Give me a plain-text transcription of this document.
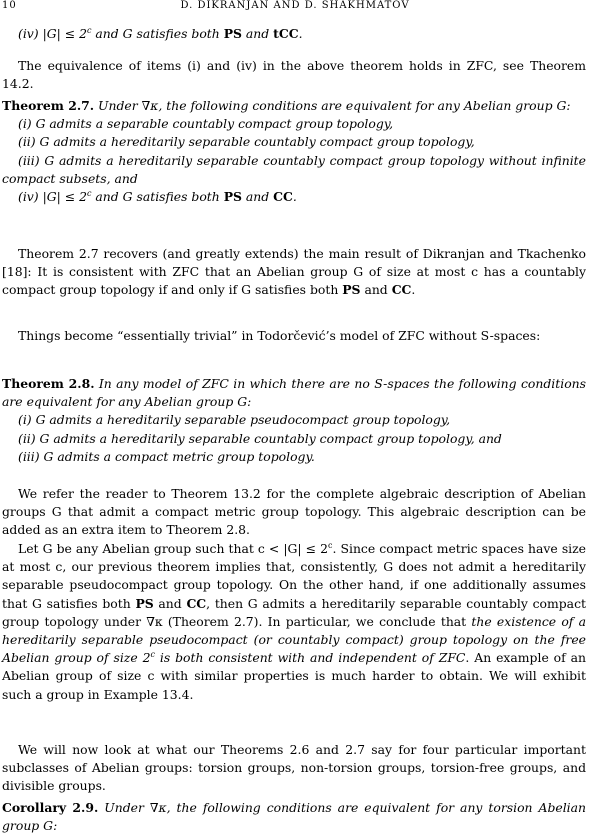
10	D. DIKRANJAN AND D. SHAKHMATOV
(iv) $|G| \le 2^c$ and G satisfies both PS and tCC.
The equivalence of items (i) and (iv) in the above theorem holds in ZFC, see Theorem 14.2.
Theorem 2.7. Under ∇κ, the following conditions are equivalent for any Abelian group G:
(i) G admits a separable countably compact group topology,
(ii) G admits a hereditarily separable countably compact group topology,
(iii) G admits a hereditarily separable countably compact group topology without infinite compact subsets, and
(iv) $|G| \le 2^c$ and G satisfies both PS and CC.
Theorem 2.7 recovers (and greatly extends) the main result of Dikranjan and Tkachenko [18]: It is consistent with ZFC that an Abelian group G of size at most c has a countably compact group topology if and only if G satisfies both PS and CC.
Things become “essentially trivial” in Todorčević’s model of ZFC without S-spaces:
Theorem 2.8. In any model of ZFC in which there are no S-spaces the following conditions are equivalent for any Abelian group G:
(i) G admits a hereditarily separable pseudocompact group topology,
(ii) G admits a hereditarily separable countably compact group topology, and
(iii) G admits a compact metric group topology.
We refer the reader to Theorem 13.2 for the complete algebraic description of Abelian groups G that admit a compact metric group topology. This algebraic description can be added as an extra item to Theorem 2.8.
Let G be any Abelian group such that $c < |G| \le 2^c$. Since compact metric spaces have size at most c, our previous theorem implies that, consistently, G does not admit a hereditarily separable pseudocompact group topology. On the other hand, if one additionally assumes that G satisfies both PS and CC, then G admits a hereditarily separable countably compact group topology under ∇κ (Theorem 2.7). In particular, we conclude that the existence of a hereditarily separable pseudocompact (or countably compact) group topology on the free Abelian group of size 2$^c$ is both consistent with and independent of ZFC. An example of an Abelian group of size c with similar properties is much harder to obtain. We will exhibit such a group in Example 13.4.
We will now look at what our Theorems 2.6 and 2.7 say for four particular important subclasses of Abelian groups: torsion groups, non-torsion groups, torsion-free groups, and divisible groups.
Corollary 2.9. Under ∇κ, the following conditions are equivalent for any torsion Abelian group G:
